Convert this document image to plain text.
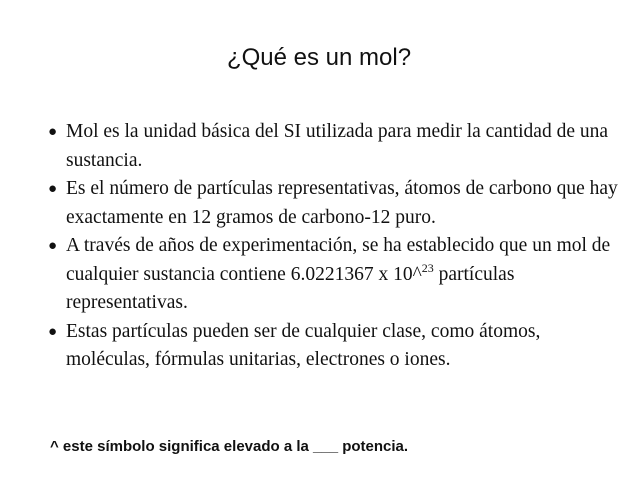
¿Qué es un mol?
● Mol es la unidad básica del SI utilizada para medir la cantidad de una sustancia.
● Es el número de partículas representativas, átomos de carbono que hay exactamente en 12 gramos de carbono-12 puro.
● A través de años de experimentación, se ha establecido que un mol de cualquier sustancia contiene 6.0221367 x 10^$^{23}$ partículas representativas.
● Estas partículas pueden ser de cualquier clase, como átomos, moléculas, fórmulas unitarias, electrones o iones.
^ este símbolo significa elevado a la ___ potencia.
